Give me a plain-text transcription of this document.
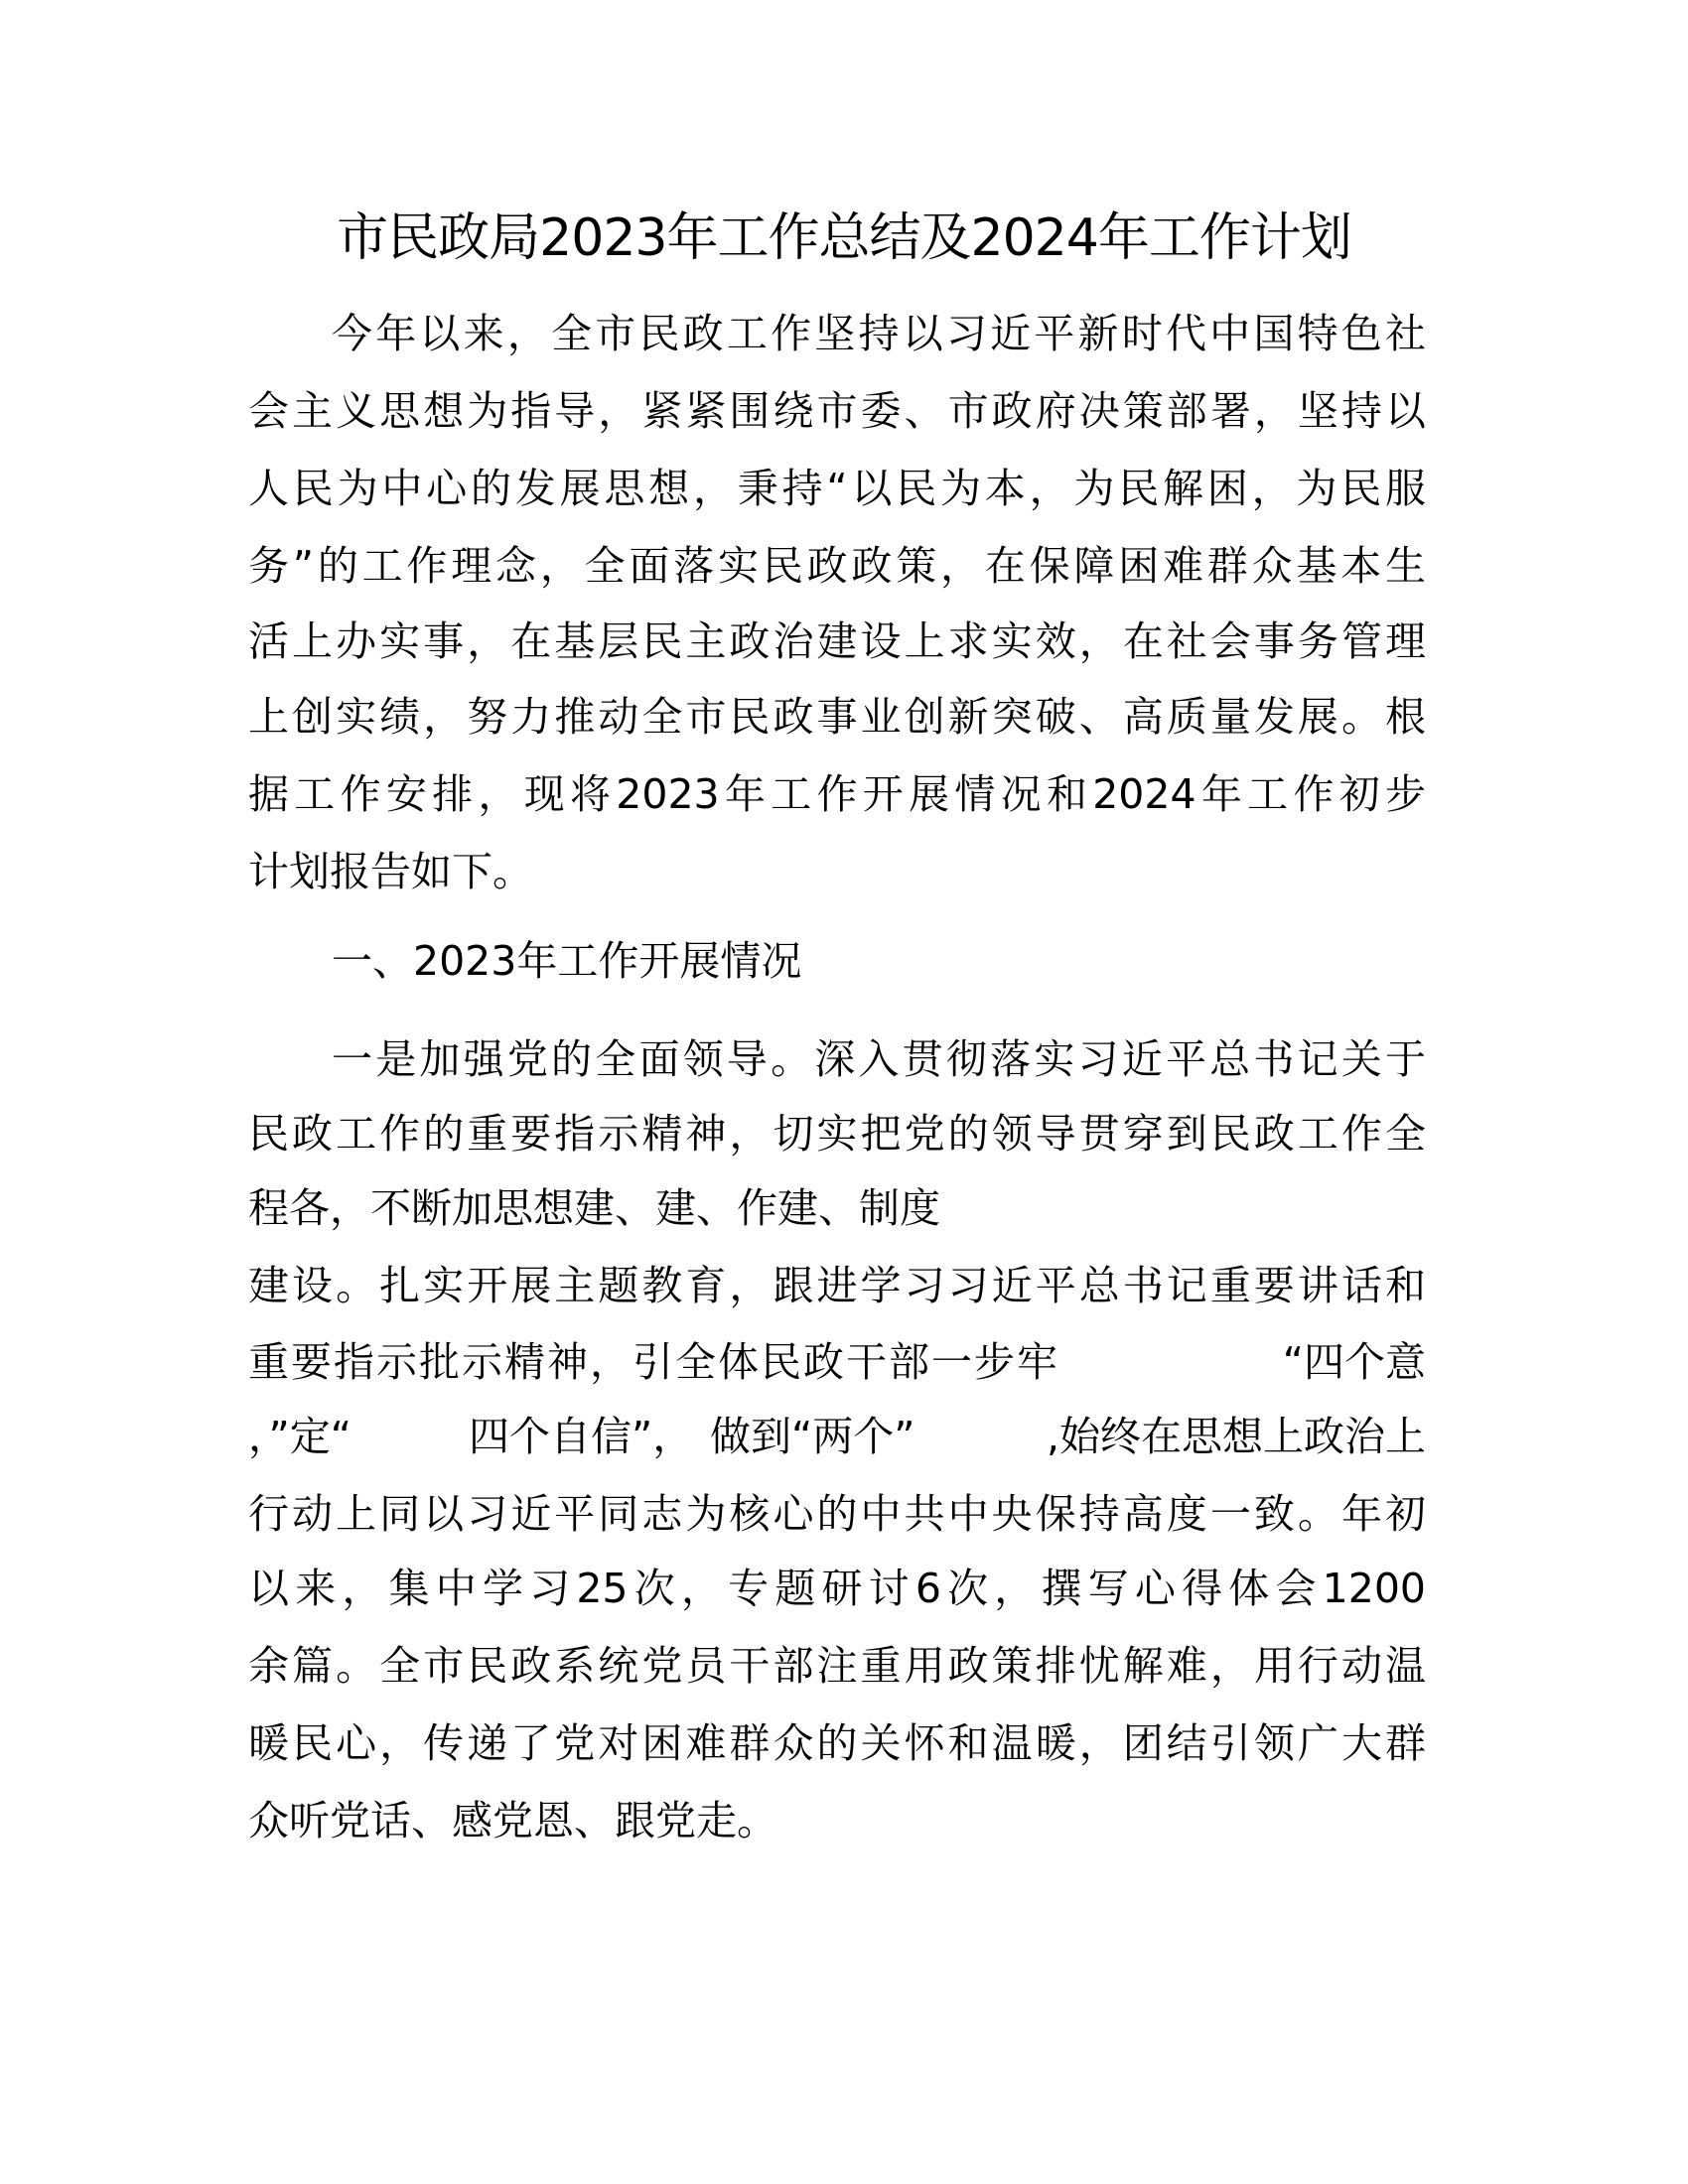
市民政局2023年工作总结及2024年工作计划
今年以来，全市民政工作坚持以习近平新时代中国特色社
会主义思想为指导，紧紧围绕市委、市政府决策部署，坚持以
人民为中心的发展思想，秉持“以民为本，为民解困，为民服
务”的工作理念，全面落实民政政策，在保障困难群众基本生
活上办实事，在基层民主政治建设上求实效，在社会事务管理
上创实绩，努力推动全市民政事业创新突破、高质量发展。根
据工作安排，现将2023年工作开展情况和2024年工作初步
计划报告如下。
一、2023年工作开展情况
一是加强党的全面领导。深入贯彻落实习近平总书记关于
民政工作的重要指示精神，切实把党的领导贯穿到民政工作全
程各，不断加思想建、建、作建、制度
建设。扎实开展主题教育，跟进学习习近平总书记重要讲话和
重要指示批示精神，引全体民政干部一步牢	“四个意
，”定“	四个自信”， 做到“两个”	,始终在思想上政治上
行动上同以习近平同志为核心的中共中央保持高度一致。年初
以来，集中学习25次，专题研讨6次，撰写心得体会1200
余篇。全市民政系统党员干部注重用政策排忧解难，用行动温
暖民心，传递了党对困难群众的关怀和温暖，团结引领广大群
众听党话、感党恩、跟党走。
